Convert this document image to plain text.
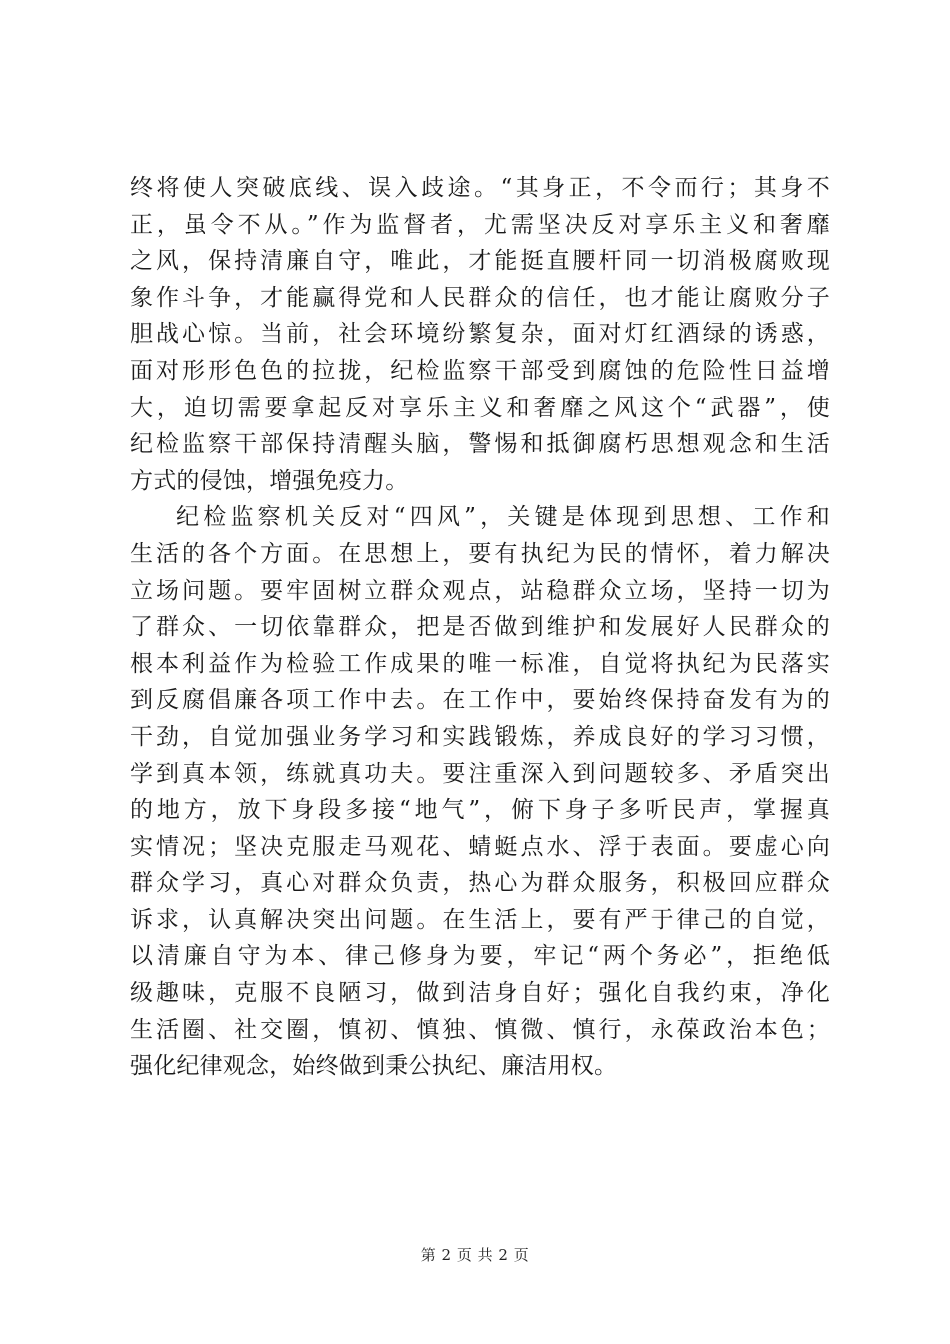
终将使人突破底线、误入歧途。“其身正，不令而行；其身不
正，虽令不从。”作为监督者，尤需坚决反对享乐主义和奢靡
之风，保持清廉自守，唯此，才能挺直腰杆同一切消极腐败现
象作斗争，才能赢得党和人民群众的信任，也才能让腐败分子
胆战心惊。当前，社会环境纷繁复杂，面对灯红酒绿的诱惑，
面对形形色色的拉拢，纪检监察干部受到腐蚀的危险性日益增
大，迫切需要拿起反对享乐主义和奢靡之风这个“武器”，使
纪检监察干部保持清醒头脑，警惕和抵御腐朽思想观念和生活
方式的侵蚀，增强免疫力。
纪检监察机关反对“四风”，关键是体现到思想、工作和
生活的各个方面。在思想上，要有执纪为民的情怀，着力解决
立场问题。要牢固树立群众观点，站稳群众立场，坚持一切为
了群众、一切依靠群众，把是否做到维护和发展好人民群众的
根本利益作为检验工作成果的唯一标准，自觉将执纪为民落实
到反腐倡廉各项工作中去。在工作中，要始终保持奋发有为的
干劲，自觉加强业务学习和实践锻炼，养成良好的学习习惯，
学到真本领，练就真功夫。要注重深入到问题较多、矛盾突出
的地方，放下身段多接“地气”，俯下身子多听民声，掌握真
实情况；坚决克服走马观花、蜻蜓点水、浮于表面。要虚心向
群众学习，真心对群众负责，热心为群众服务，积极回应群众
诉求，认真解决突出问题。在生活上，要有严于律己的自觉，
以清廉自守为本、律己修身为要，牢记“两个务必”，拒绝低
级趣味，克服不良陋习，做到洁身自好；强化自我约束，净化
生活圈、社交圈，慎初、慎独、慎微、慎行，永葆政治本色；
强化纪律观念，始终做到秉公执纪、廉洁用权。
第 2 页 共 2 页
